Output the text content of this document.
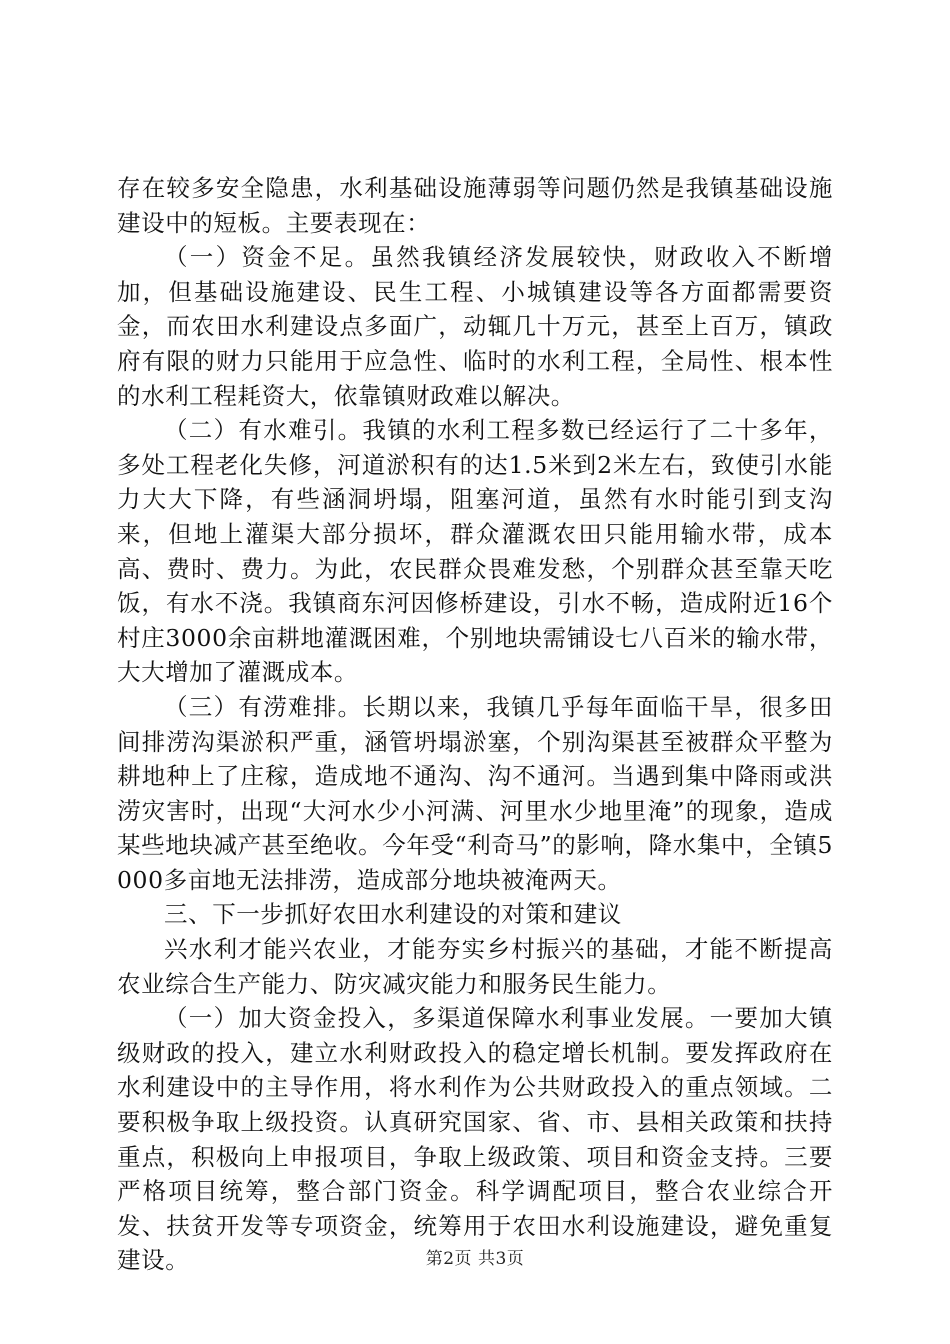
存在较多安全隐患，水利基础设施薄弱等问题仍然是我镇基础设施建设中的短板。主要表现在：

（一）资金不足。虽然我镇经济发展较快，财政收入不断增加，但基础设施建设、民生工程、小城镇建设等各方面都需要资金，而农田水利建设点多面广，动辄几十万元，甚至上百万，镇政府有限的财力只能用于应急性、临时的水利工程，全局性、根本性的水利工程耗资大，依靠镇财政难以解决。

（二）有水难引。我镇的水利工程多数已经运行了二十多年，多处工程老化失修，河道淤积有的达1.5米到2米左右，致使引水能力大大下降，有些涵洞坍塌，阻塞河道，虽然有水时能引到支沟来，但地上灌渠大部分损坏，群众灌溉农田只能用输水带，成本高、费时、费力。为此，农民群众畏难发愁，个别群众甚至靠天吃饭，有水不浇。我镇商东河因修桥建设，引水不畅，造成附近16个村庄3000余亩耕地灌溉困难，个别地块需铺设七八百米的输水带，大大增加了灌溉成本。

（三）有涝难排。长期以来，我镇几乎每年面临干旱，很多田间排涝沟渠淤积严重，涵管坍塌淤塞，个别沟渠甚至被群众平整为耕地种上了庄稼，造成地不通沟、沟不通河。当遇到集中降雨或洪涝灾害时，出现“大河水少小河满、河里水少地里淹”的现象，造成某些地块减产甚至绝收。今年受“利奇马”的影响，降水集中，全镇5000多亩地无法排涝，造成部分地块被淹两天。

三、下一步抓好农田水利建设的对策和建议

兴水利才能兴农业，才能夯实乡村振兴的基础，才能不断提高农业综合生产能力、防灾减灾能力和服务民生能力。

（一）加大资金投入，多渠道保障水利事业发展。一要加大镇级财政的投入，建立水利财政投入的稳定增长机制。要发挥政府在水利建设中的主导作用，将水利作为公共财政投入的重点领域。二要积极争取上级投资。认真研究国家、省、市、县相关政策和扶持重点，积极向上申报项目，争取上级政策、项目和资金支持。三要严格项目统筹，整合部门资金。科学调配项目，整合农业综合开发、扶贫开发等专项资金，统筹用于农田水利设施建设，避免重复建设。	第2页 共3页
